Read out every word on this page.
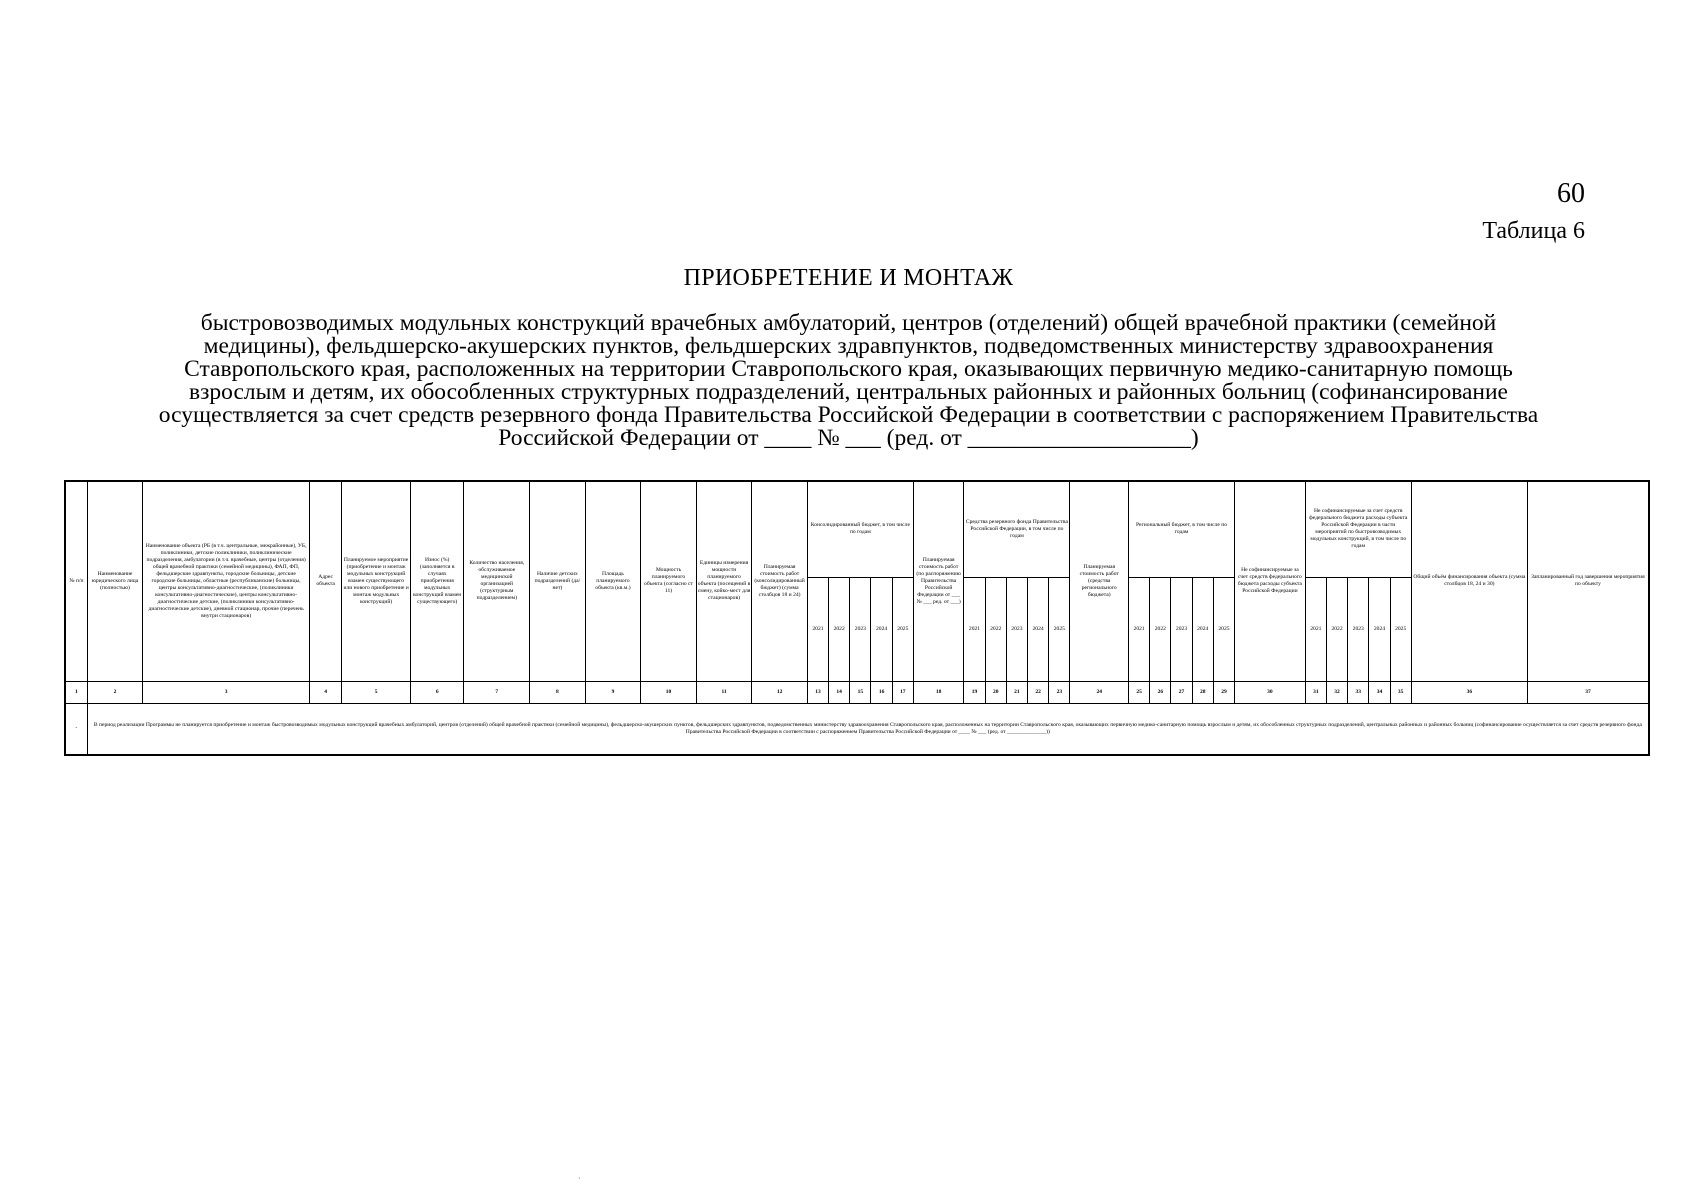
60
Таблица 6
ПРИОБРЕТЕНИЕ И МОНТАЖ
быстровозводимых модульных конструкций врачебных амбулаторий, центров (отделений) общей врачебной практики (семейной
медицины), фельдшерско-акушерских пунктов, фельдшерских здравпунктов, подведомственных министерству здравоохранения
Ставропольского края, расположенных на территории Ставропольского края, оказывающих первичную медико-санитарную помощь
взрослым и детям, их обособленных структурных подразделений, центральных районных и районных больниц (софинансирование
осуществляется за счет средств резервного фонда Правительства Российской Федерации в соответствии с распоряжением Правительства
Российской Федерации от ____ № ___ (ред. от ___________________)
№ п/п	Наименование юридического лица (полностью)	Наименование объекта (РБ (в т.ч. центральные, межрайонные), УБ, поликлиники, детские поликлиники, поликлинические подразделения, амбулатории (в т.ч. врачебные, центры (отделения) общей врачебной практики (семейной медицины), ФАП, ФП, фельдшерские здравпункты, городские больницы, детские городские больницы, областные (республиканские) больницы, центры консультативно-диагностические, (поликлиники консультативно-диагностические), центры консультативно-диагностические детские, (поликлиники консультативно-диагностические детские), дневной стационар, прочие (перечень внутри стационаров)	Адрес объекта	Планируемое мероприятие (приобретение и монтаж модульных конструкций взамен существующего или нового приобретение и монтаж модульных конструкций)	Износ (%) (заполняется в случаях приобретения модульных конструкций взамен существующего)	Количество населения, обслуживаемое медицинской организацией (структурным подразделением)	Наличие детских подразделений (да/нет)	Площадь планируемого объекта (кв.м.)	Мощность планируемого объекта (согласно ст 11)	Единицы измерения мощности планируемого объекта (посещений в смену, койко-мест для стационаров)	Планируемая стоимость работ (консолидированный бюджет) (сумма столбцов 18 и 24)	Консолидированный бюджет, в том числе по годам					Планируемая стоимость работ (по распоряжению Правительства Российской Федерации от ___ № ___ ред. от ___)	Средства резервного фонда Правительства Российской Федерации, в том числе по годам					Планируемая стоимость работ (средства регионального бюджета)	Региональный бюджет, в том числе по годам					Не софинансируемые за счет средств федерального бюджета расходы субъекта Российской Федерации	Не софинансируемые за счет средств федерального бюджета расходы субъекта Российской Федерации в части мероприятий по быстровозводимых модульных конструкций, в том числе по годам					Общий объём финансирования объекта (сумма столбцов 18, 24 и 30)	Запланированный год завершения мероприятия по объекту
												2021	2022	2023	2024	2025		2021	2022	2023	2024	2025		2021	2022	2023	2024	2025		2021	2022	2023	2024	2025		
1	2	3	4	5	6	7	8	9	10	11	12	13	14	15	16	17	18	19	20	21	22	23	24	25	26	27	28	29	30	31	32	33	34	35	36	37
-	В период реализации Программы не планируется приобретение и монтаж быстровозводимых модульных конструкций врачебных амбулаторий, центров (отделений) общей врачебной практики (семейной медицины), фельдшерско-акушерских пунктов, фельдшерских здравпунктов, подведомственных министерству здравоохранения Ставропольского края, расположенных на территории Ставропольского края, оказывающих первичную медико-санитарную помощь взрослым и детям, их обособленных структурных подразделений, центральных районных и районных больниц (софинансирование осуществляется за счет средств резервного фонда Правительства Российской Федерации в соответствии с распоряжением Правительства Российской Федерации от ____ № ___ (ред. от ______________))																																			
·
